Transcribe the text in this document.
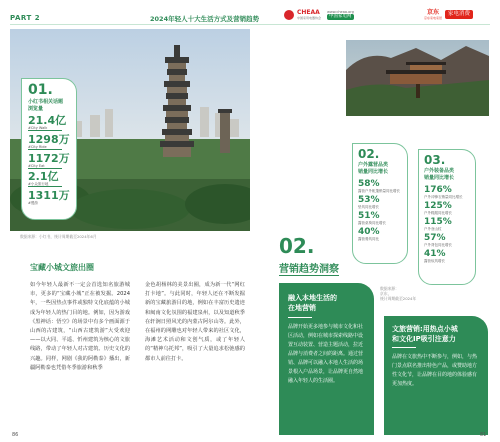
PART 2	2024年轻人十大生活方式及营销趋势
CHEAA
中国家用电器协会
www.cheaa.org
中国家电网
京东
京东家电家居
家电消费
数据来源：小红书，统计周期截至2024年6月
01.
小红书相关话题
浏览量
21.4亿
#City Walk
1298万
#City Ride
1172万
#City Eat
2.1亿
#小众旅行地
1311万
#慢游
02.
户外露营品类
销量同比增长
58%
露营户外帐篷销量同比增长
53%
垫具同比增长
51%
露营桌椅同比增长
40%
露营餐具同比
03.
户外装备品类
销量同比增长
176%
户外冲锋衣销量同比增长
125%
户外鞋服同比增长
115%
户外登山杖
57%
户外背包同比增长
41%
露营炊具增长
宝藏小城文旅出圈
如今年轻人最新不一定会首选知名旅游城市，更多的“宝藏小城”正在被发掘。2024年，一些因热点事件或独特文化底蕴的小城成为年轻人的热门目的地。例如，因为游戏《黑神话：悟空》的场景中有多个画面源于山西的古建筑，“山西古建筑游”大受欢迎——以大同、平遥、忻州建筑为核心的文旅线路，带动了年轻人对古建筑、历史文化的兴趣。同样，网剧《我的阿勒泰》播出，新疆阿勒泰也凭借冬季旅游和秋季
金色胡杨林的美景出圈，成为新一代“网红打卡地”。与此同时，年轻人还在不断发掘新的宝藏旅游目的地，例如在丰富历史遗迹和闽南文化氛围的福建泉州，以及知道秋季在轩涧日照风光的内蒙古阿尔山等。此外，在福州的网雕也对年轻人带来的社区文化，海滩艺术活动和文创气质，或了年轻人的“精神乌托邦”，吸引了大量追求松弛感的都市人前往打卡。
02.
营销趋势洞察
数据来源：
京东，
统计周期截至2024年
融入本地生活的
在地营销
品牌开始更多地参与城市文化和社区活动，例如在城市探索线路中设置互动装置、营造主题活动，拉近品牌与消费者之间的距离。通过营销、品牌可以融入本地人生活的场景根入户品场景，让品牌更自然地融入年轻人的生活圈。
文旅营销:用热点小城
和文化IP吸引注意力
品牌在文旅热中不断参与，例如，与热门景点联名推出特色产品，或赞助地方性文化节，让品牌在目的地的体验感有更加热度。
86	81
